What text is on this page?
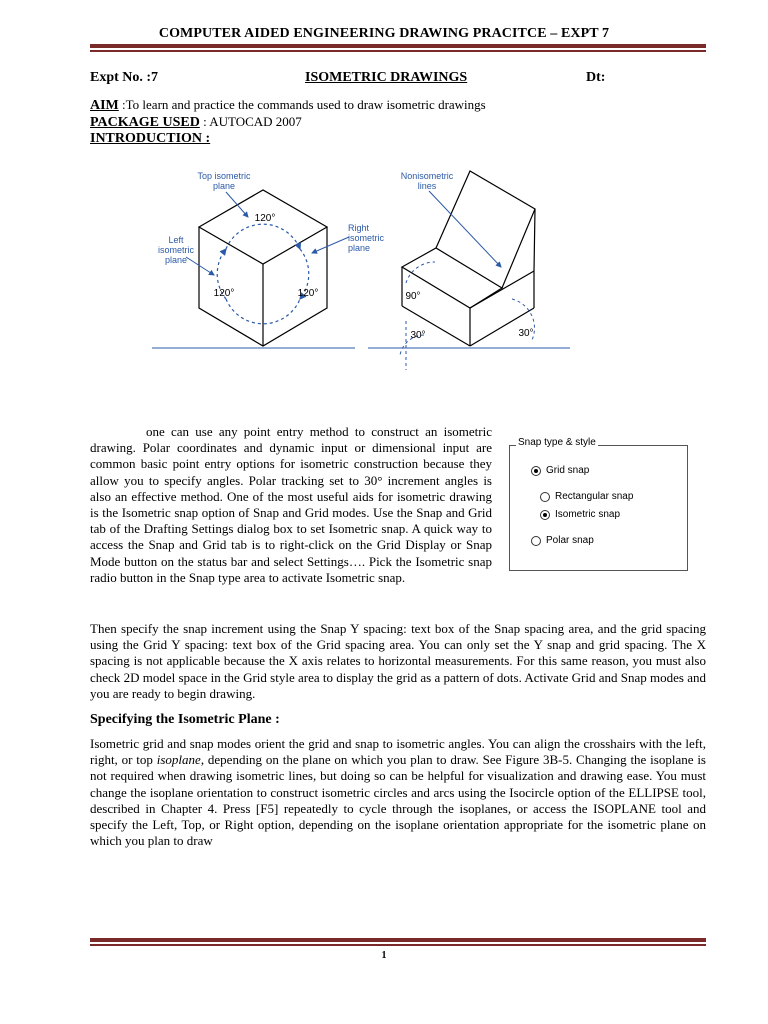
COMPUTER AIDED ENGINEERING DRAWING PRACITCE – EXPT 7
Expt No. :7	ISOMETRIC DRAWINGS	Dt:
AIM :To learn and practice the commands used to draw isometric drawings
PACKAGE USED : AUTOCAD 2007
INTRODUCTION :
Top isometric
plane
Left
isometric
plane
Right
isometric
plane
120°
120°	120°
Nonisometric
lines
90°
30°	30°
one can use any point entry method to construct an isometric drawing. Polar coordinates and dynamic input or dimensional input are common basic point entry options for isometric construction because they allow you to specify angles. Polar tracking set to 30° increment angles is also an effective method. One of the most useful aids for isometric drawing is the Isometric snap option of Snap and Grid modes. Use the Snap and Grid tab of the Drafting Settings dialog box to set Isometric snap. A quick way to access the Snap and Grid tab is to right-click on the Grid Display or Snap Mode button on the status bar and select Settings…. Pick the Isometric snap radio button in the Snap type area to activate Isometric snap.
Snap type & style
Grid snap
Rectangular snap
Isometric snap
Polar snap
Then specify the snap increment using the Snap Y spacing: text box of the Snap spacing area, and the grid spacing using the Grid Y spacing: text box of the Grid spacing area. You can only set the Y snap and grid spacing. The X spacing is not applicable because the X axis relates to horizontal measurements. For this same reason, you must also check 2D model space in the Grid style area to display the grid as a pattern of dots. Activate Grid and Snap modes and you are ready to begin drawing.
Specifying the Isometric Plane :
Isometric grid and snap modes orient the grid and snap to isometric angles. You can align the crosshairs with the left, right, or top isoplane, depending on the plane on which you plan to draw. See Figure 3B-5. Changing the isoplane is not required when drawing isometric lines, but doing so can be helpful for visualization and drawing ease. You must change the isoplane orientation to construct isometric circles and arcs using the Isocircle option of the ELLIPSE tool, described in Chapter 4. Press [F5] repeatedly to cycle through the isoplanes, or access the ISOPLANE tool and specify the Left, Top, or Right option, depending on the isoplane orientation appropriate for the isometric plane on which you plan to draw
1
